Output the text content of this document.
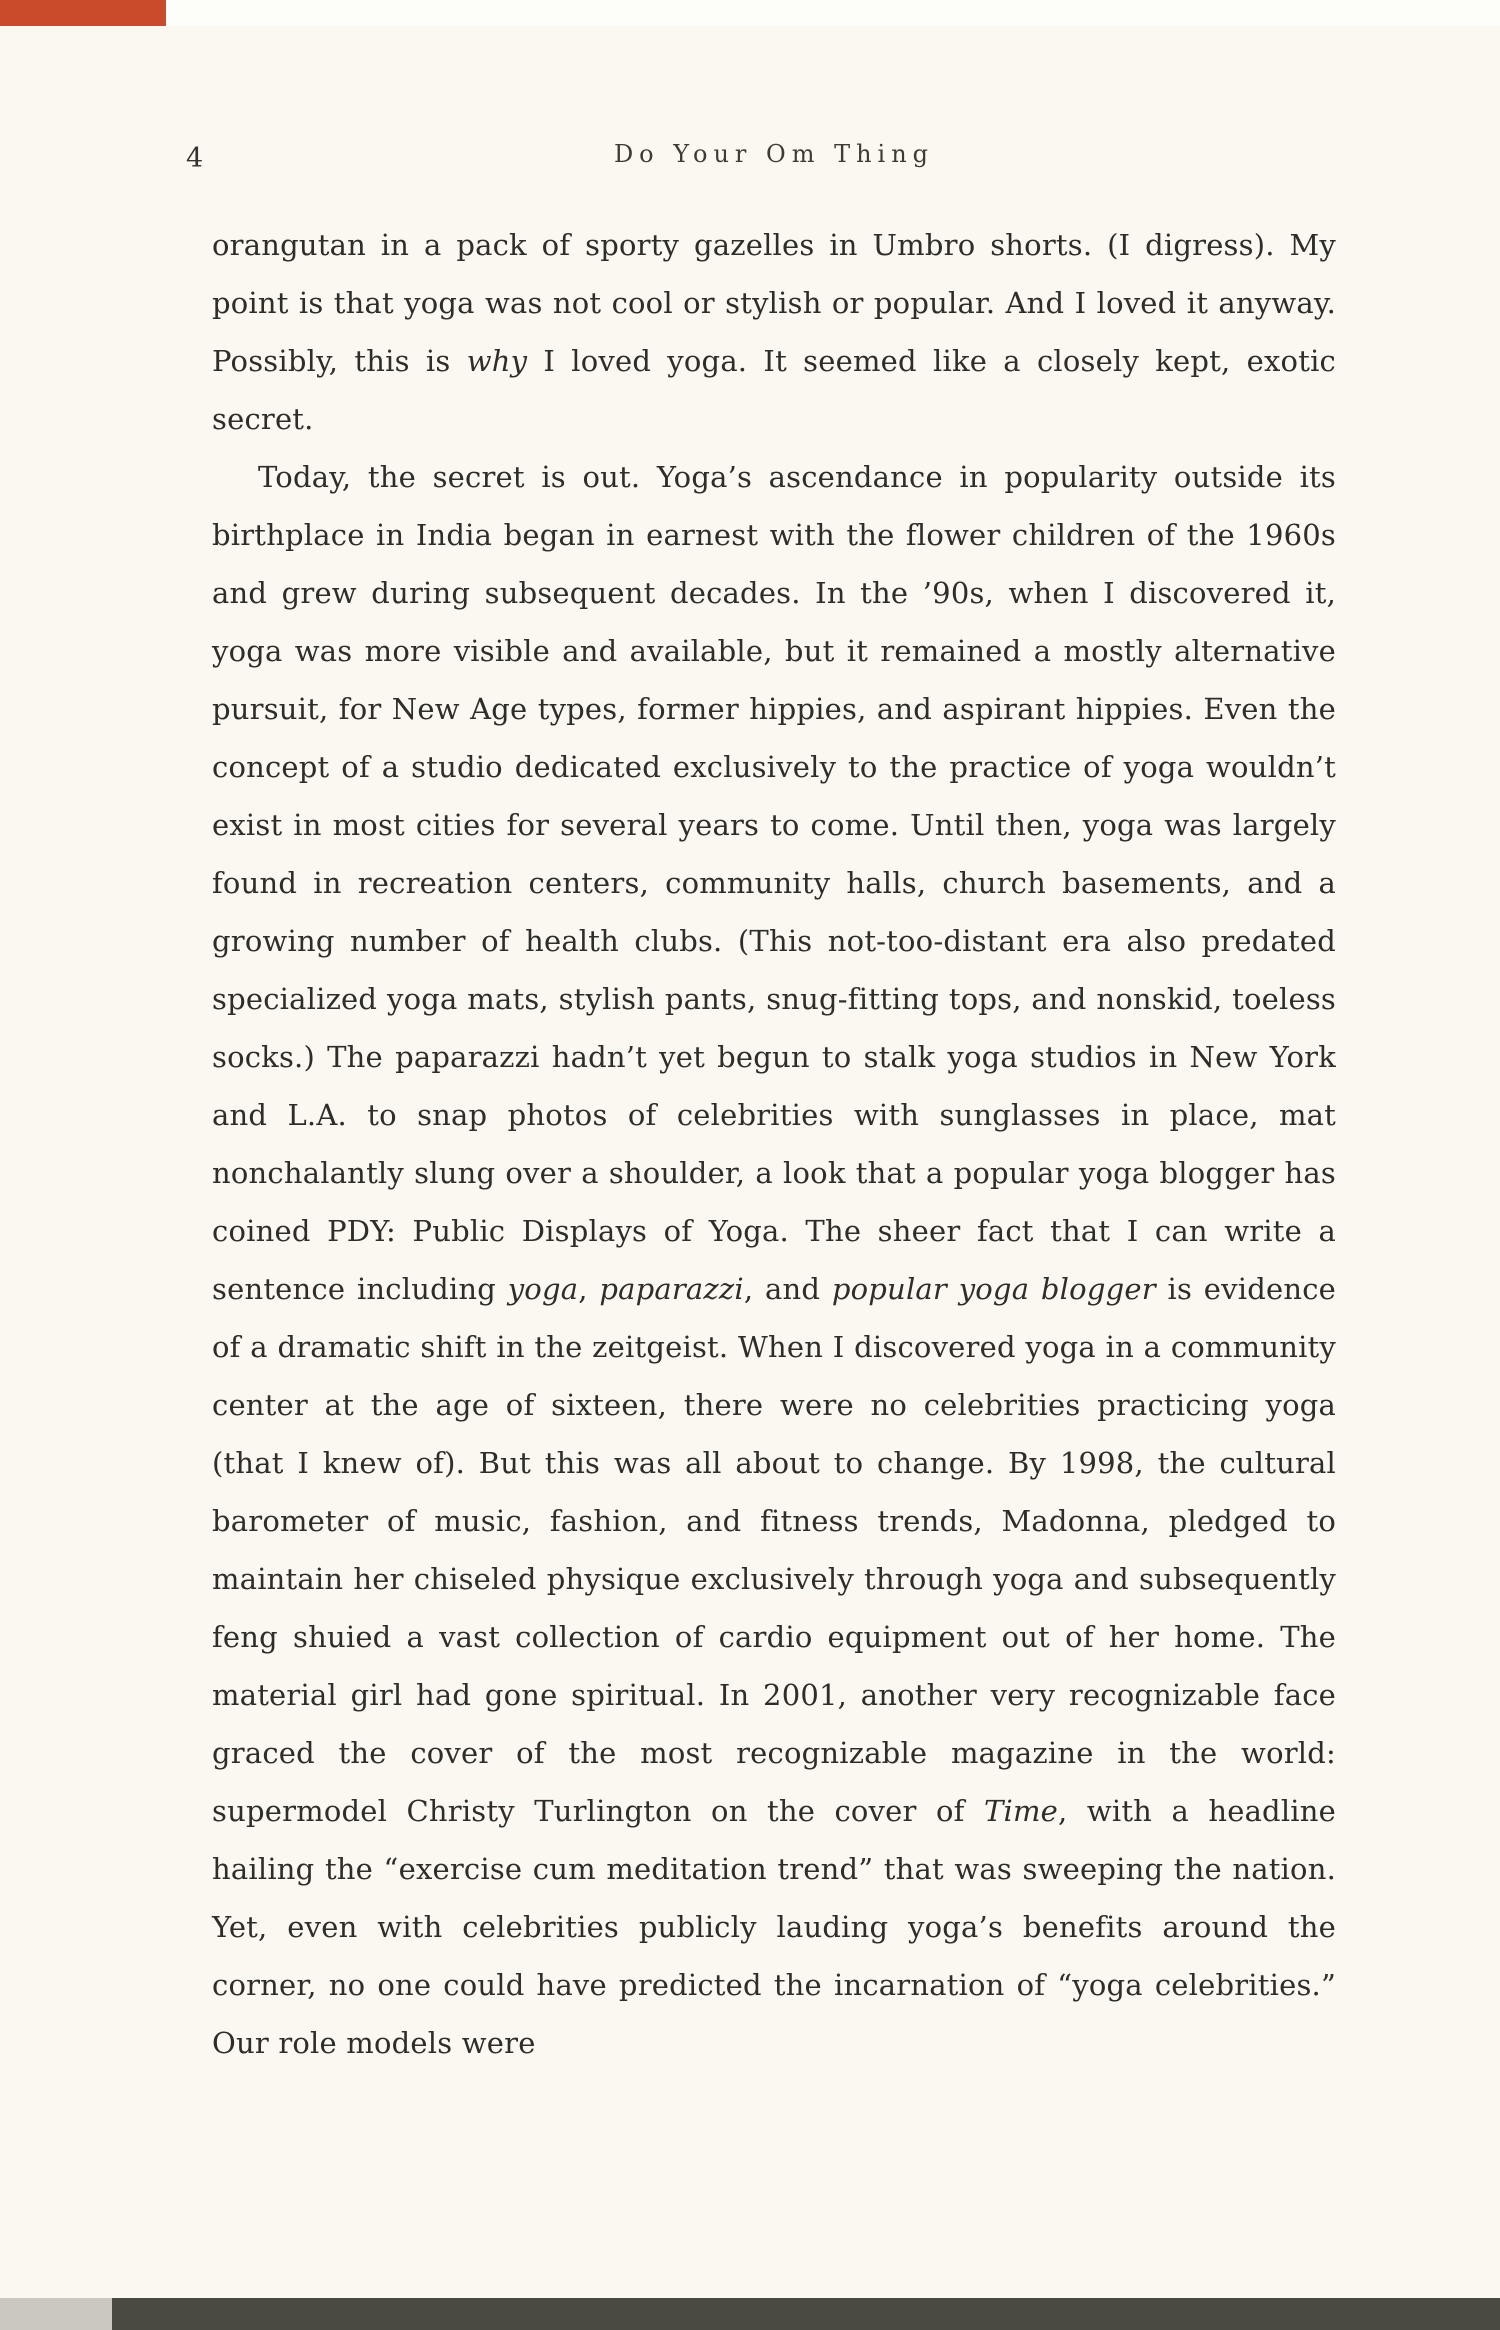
4	Do Your Om Thing

orangutan in a pack of sporty gazelles in Umbro shorts. (I digress). My point is that yoga was not cool or stylish or popular. And I loved it anyway. Possibly, this is why I loved yoga. It seemed like a closely kept, exotic secret.

Today, the secret is out. Yoga’s ascendance in popularity outside its birthplace in India began in earnest with the flower children of the 1960s and grew during subsequent decades. In the ’90s, when I discovered it, yoga was more visible and available, but it remained a mostly alternative pursuit, for New Age types, former hippies, and aspirant hippies. Even the concept of a studio dedicated exclusively to the practice of yoga wouldn’t exist in most cities for several years to come. Until then, yoga was largely found in recreation centers, community halls, church basements, and a growing number of health clubs. (This not-too-distant era also predated specialized yoga mats, stylish pants, snug-fitting tops, and nonskid, toeless socks.) The paparazzi hadn’t yet begun to stalk yoga studios in New York and L.A. to snap photos of celebrities with sunglasses in place, mat nonchalantly slung over a shoulder, a look that a popular yoga blogger has coined PDY: Public Displays of Yoga. The sheer fact that I can write a sentence including yoga, paparazzi, and popular yoga blogger is evidence of a dramatic shift in the zeitgeist. When I discovered yoga in a community center at the age of sixteen, there were no celebrities practicing yoga (that I knew of). But this was all about to change. By 1998, the cultural barometer of music, fashion, and fitness trends, Madonna, pledged to maintain her chiseled physique exclusively through yoga and subsequently feng shuied a vast collection of cardio equipment out of her home. The material girl had gone spiritual. In 2001, another very recognizable face graced the cover of the most recognizable magazine in the world: supermodel Christy Turlington on the cover of Time, with a headline hailing the “exercise cum meditation trend” that was sweeping the nation. Yet, even with celebrities publicly lauding yoga’s benefits around the corner, no one could have predicted the incarnation of “yoga celebrities.” Our role models were
